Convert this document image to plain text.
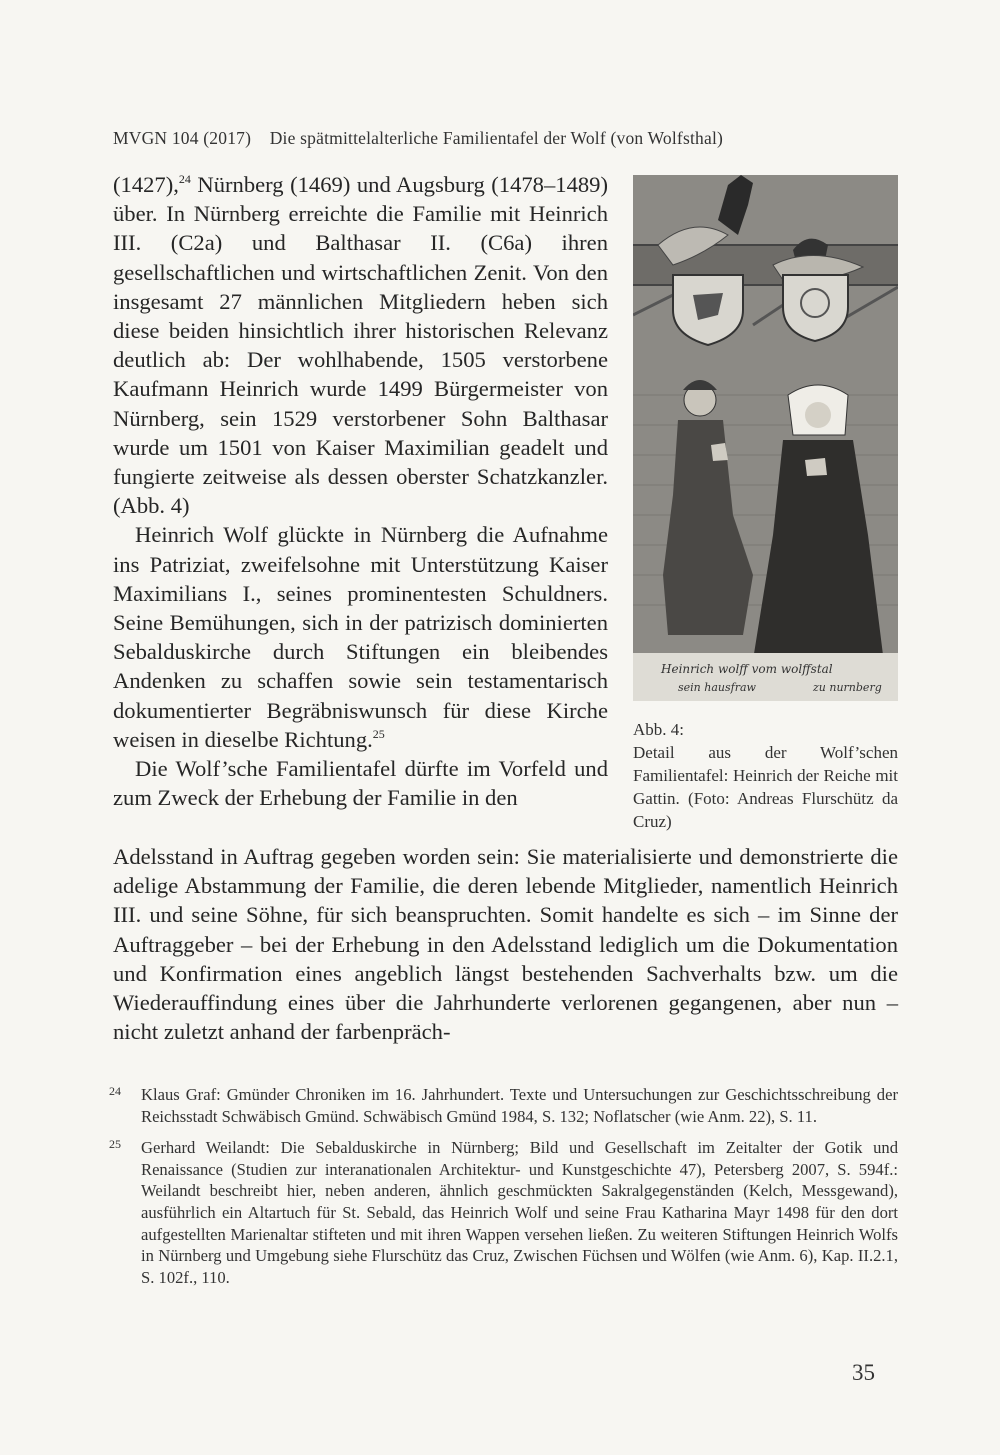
MVGN 104 (2017) Die spätmittelalterliche Familientafel der Wolf (von Wolfsthal)

(1427),$^{24}$ Nürnberg (1469) und Augsburg (1478–1489) über. In Nürnberg erreichte die Familie mit Heinrich III. (C2a) und Balthasar II. (C6a) ihren gesellschaftlichen und wirtschaftlichen Zenit. Von den insgesamt 27 männlichen Mitgliedern heben sich diese beiden hinsichtlich ihrer historischen Relevanz deutlich ab: Der wohlhabende, 1505 verstorbene Kaufmann Heinrich wurde 1499 Bürgermeister von Nürnberg, sein 1529 verstorbener Sohn Balthasar wurde um 1501 von Kaiser Maximilian geadelt und fungierte zeitweise als dessen oberster Schatzkanzler. (Abb. 4)

Heinrich Wolf glückte in Nürnberg die Aufnahme ins Patriziat, zweifelsohne mit Unterstützung Kaiser Maximilians I., seines prominentesten Schuldners. Seine Bemühungen, sich in der patrizisch dominierten Sebalduskirche durch Stiftungen ein bleibendes Andenken zu schaffen sowie sein testamentarisch dokumentierter Begräbniswunsch für diese Kirche weisen in dieselbe Richtung.$^{25}$

Die Wolf’sche Familientafel dürfte im Vorfeld und zum Zweck der Erhebung der Familie in den

Adelsstand in Auftrag gegeben worden sein: Sie materialisierte und demonstrierte die adelige Abstammung der Familie, die deren lebende Mitglieder, namentlich Heinrich III. und seine Söhne, für sich beanspruchten. Somit handelte es sich – im Sinne der Auftraggeber – bei der Erhebung in den Adelsstand lediglich um die Dokumentation und Konfirmation eines angeblich längst bestehenden Sachverhalts bzw. um die Wiederauffindung eines über die Jahrhunderte verlorenen gegangenen, aber nun – nicht zuletzt anhand der farbenpräch-

Heinrich wolff vom wolffstal
sein hausfraw	zu nurnberg
Abb. 4:
Detail aus der Wolf’schen Familientafel: Heinrich der Reiche mit Gattin. (Foto: Andreas Flurschütz da Cruz)
24 Klaus Graf: Gmünder Chroniken im 16. Jahrhundert. Texte und Untersuchungen zur Geschichtsschreibung der Reichsstadt Schwäbisch Gmünd. Schwäbisch Gmünd 1984, S. 132; Noflatscher (wie Anm. 22), S. 11.
25 Gerhard Weilandt: Die Sebalduskirche in Nürnberg; Bild und Gesellschaft im Zeitalter der Gotik und Renaissance (Studien zur interanationalen Architektur- und Kunstgeschichte 47), Petersberg 2007, S. 594f.: Weilandt beschreibt hier, neben anderen, ähnlich geschmückten Sakralgegenständen (Kelch, Messgewand), ausführlich ein Altartuch für St. Sebald, das Heinrich Wolf und seine Frau Katharina Mayr 1498 für den dort aufgestellten Marienaltar stifteten und mit ihren Wappen versehen ließen. Zu weiteren Stiftungen Heinrich Wolfs in Nürnberg und Umgebung siehe Flurschütz das Cruz, Zwischen Füchsen und Wölfen (wie Anm. 6), Kap. II.2.1, S. 102f., 110.
35
